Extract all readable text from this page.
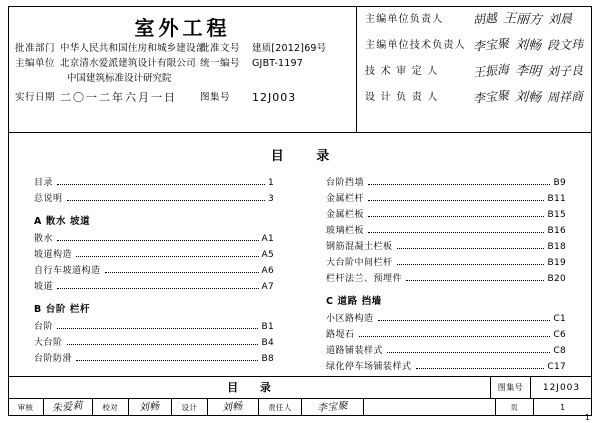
室外工程
批准部门 中华人民共和国住房和城乡建设部
批准文号	建质[2012]69号
主编单位 北京清水爱派建筑设计有限公司 统一编号	GJBT-1197
中国建筑标准设计研究院
实行日期 二〇一二年六月一日	图集号	12J003
主编单位负责人	胡越 王丽方 刘晨
主编单位技术负责人 李宝聚 刘畅 段文玮
技 术 审 定 人	王振海 李明 刘子良
设 计 负 责 人	李宝聚 刘畅 周祥商
目 录
目录	1
总说明	3
A 散水 坡道
散水	A1
坡道构造	A5
自行车坡道构造	A6
坡道	A7
B 台阶 栏杆
台阶	B1
大台阶	B4
台阶防滑	B8
台阶挡墙	B9
金属栏杆	B11
金属栏板	B15
玻璃栏板	B16
钢筋混凝土栏板	B18
大台阶中间栏杆	B19
栏杆法兰、预埋件	B20
C 道路 挡墙
小区路构造	C1
路堤石	C6
道路铺装样式	C8
绿化停车场铺装样式	C17
目 录	图集号	12J003
审核	朱爱莉	校对	刘畅	设计	刘畅	责任人	李宝聚	页	1
1
